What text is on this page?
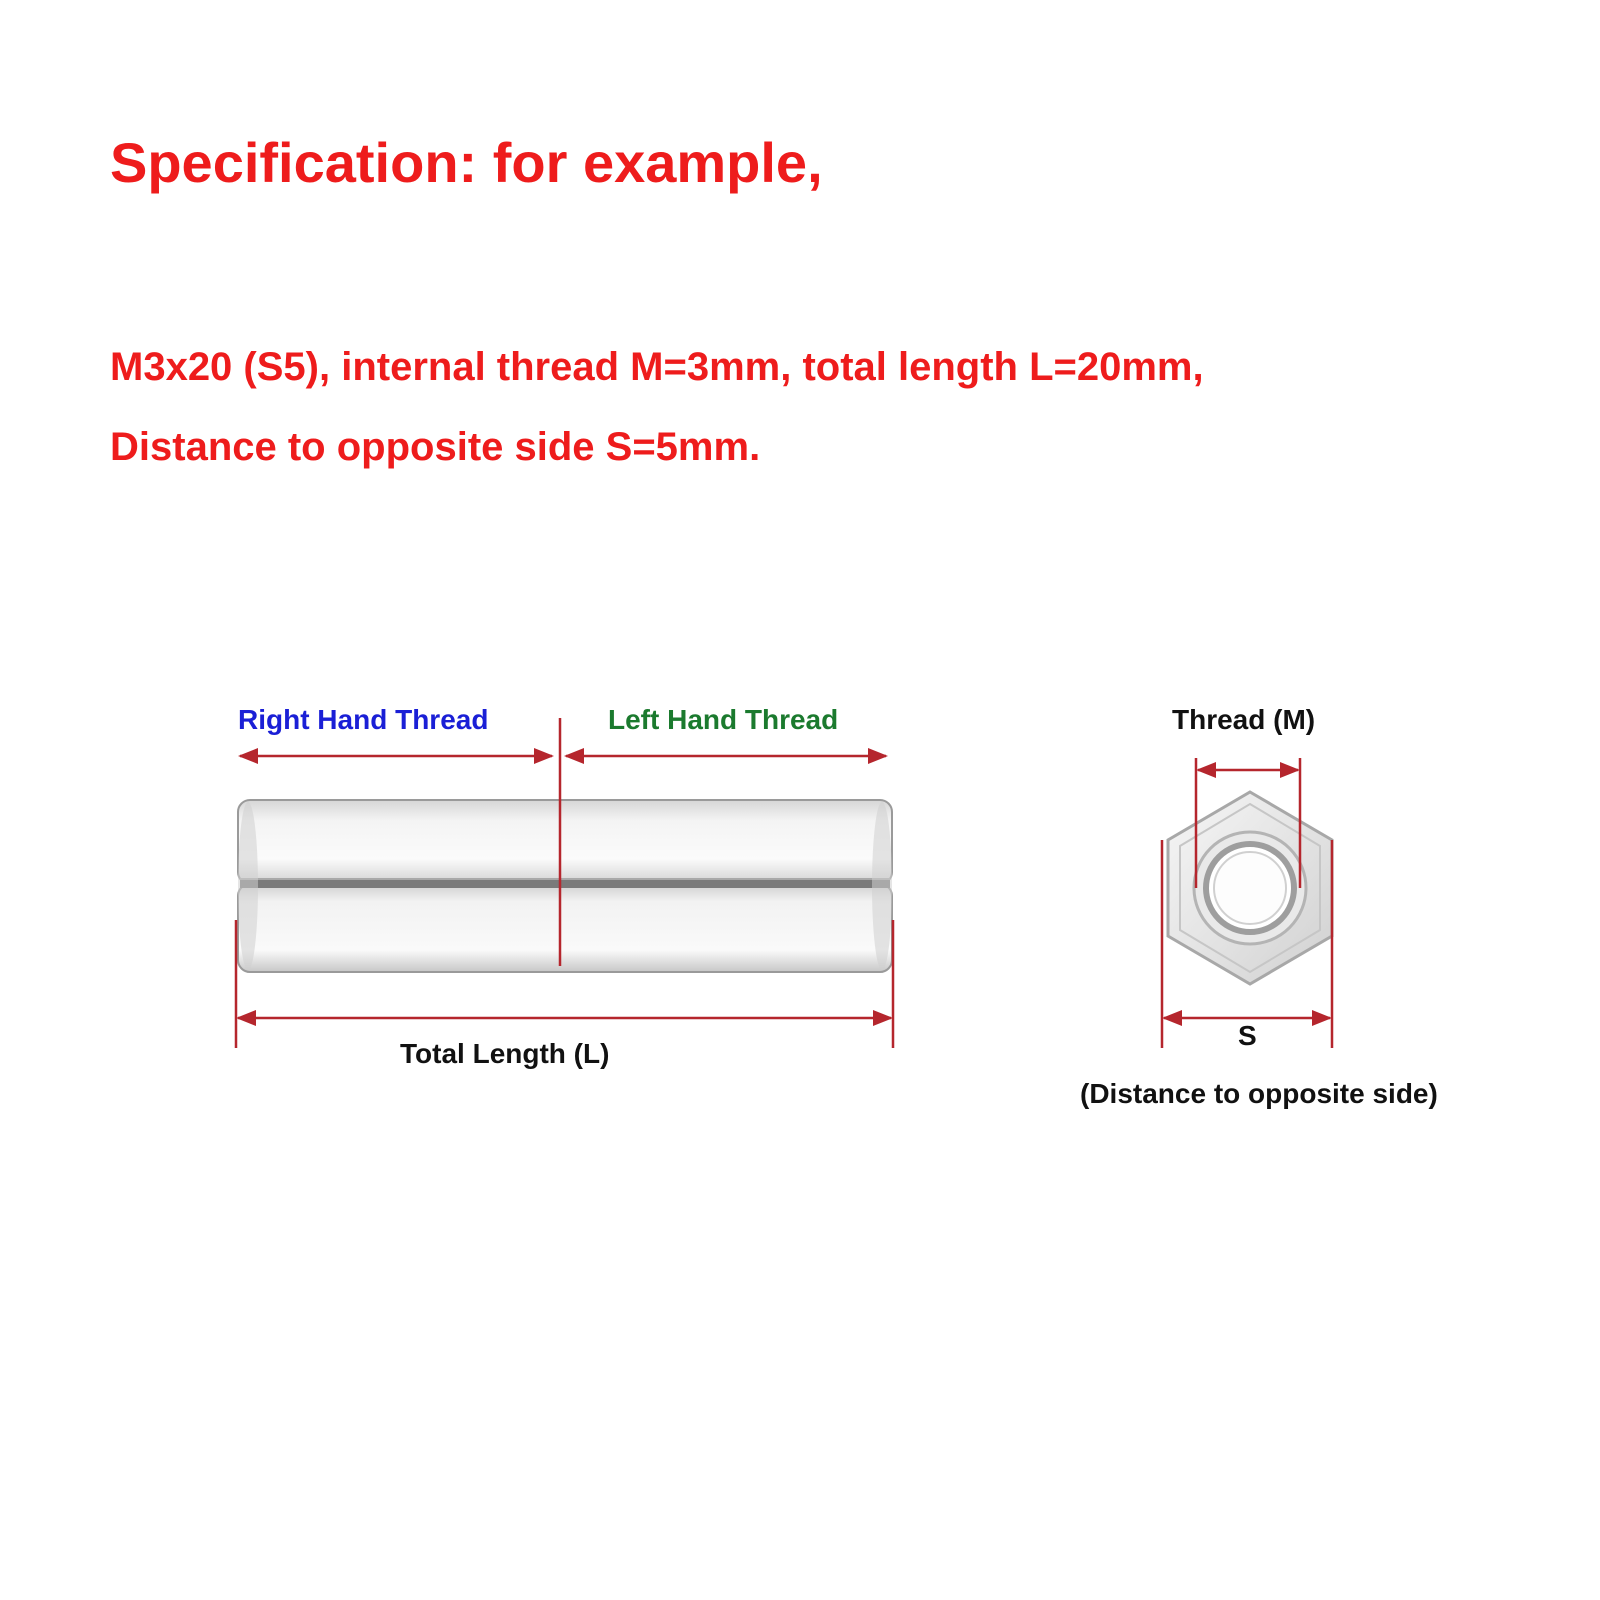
Specification: for example,
M3x20 (S5), internal thread M=3mm, total length L=20mm,
Distance to opposite side S=5mm.
Right Hand Thread	Left Hand Thread
Total Length (L)
Thread (M)
S
(Distance to opposite side)
